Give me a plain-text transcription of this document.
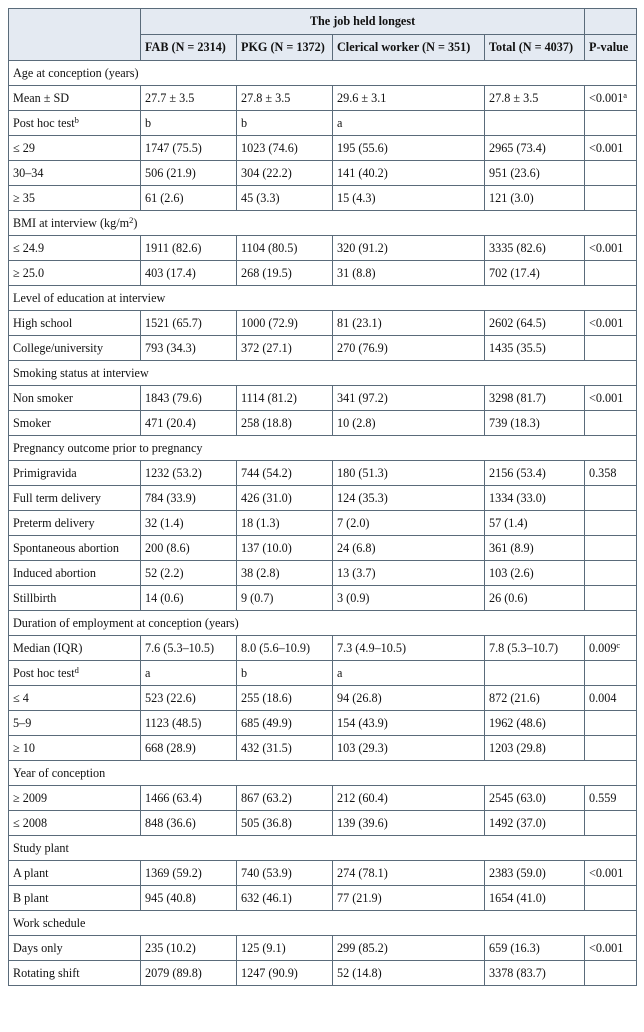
	The job held longest				
	FAB (N = 2314)	PKG (N = 1372)	Clerical worker (N = 351)	Total (N = 4037)	P-value
Age at conception (years)					
Mean ± SD	27.7 ± 3.5	27.8 ± 3.5	29.6 ± 3.1	27.8 ± 3.5	<0.001$^a$
Post hoc test$^b$	b	b	a		
≤ 29	1747 (75.5)	1023 (74.6)	195 (55.6)	2965 (73.4)	<0.001
30–34	506 (21.9)	304 (22.2)	141 (40.2)	951 (23.6)	
≥ 35	61 (2.6)	45 (3.3)	15 (4.3)	121 (3.0)	
BMI at interview $(kg/m^2)$					
≤ 24.9	1911 (82.6)	1104 (80.5)	320 (91.2)	3335 (82.6)	<0.001
≥ 25.0	403 (17.4)	268 (19.5)	31 (8.8)	702 (17.4)	
Level of education at interview					
High school	1521 (65.7)	1000 (72.9)	81 (23.1)	2602 (64.5)	<0.001
College/university	793 (34.3)	372 (27.1)	270 (76.9)	1435 (35.5)	
Smoking status at interview					
Non smoker	1843 (79.6)	1114 (81.2)	341 (97.2)	3298 (81.7)	<0.001
Smoker	471 (20.4)	258 (18.8)	10 (2.8)	739 (18.3)	
Pregnancy outcome prior to pregnancy					
Primigravida	1232 (53.2)	744 (54.2)	180 (51.3)	2156 (53.4)	0.358
Full term delivery	784 (33.9)	426 (31.0)	124 (35.3)	1334 (33.0)	
Preterm delivery	32 (1.4)	18 (1.3)	7 (2.0)	57 (1.4)	
Spontaneous abortion	200 (8.6)	137 (10.0)	24 (6.8)	361 (8.9)	
Induced abortion	52 (2.2)	38 (2.8)	13 (3.7)	103 (2.6)	
Stillbirth	14 (0.6)	9 (0.7)	3 (0.9)	26 (0.6)	
Duration of employment at conception (years)					
Median (IQR)	7.6 (5.3–10.5)	8.0 (5.6–10.9)	7.3 (4.9–10.5)	7.8 (5.3–10.7)	0.009$^c$
Post hoc test$^d$	a	b	a		
≤ 4	523 (22.6)	255 (18.6)	94 (26.8)	872 (21.6)	0.004
5–9	1123 (48.5)	685 (49.9)	154 (43.9)	1962 (48.6)	
≥ 10	668 (28.9)	432 (31.5)	103 (29.3)	1203 (29.8)	
Year of conception					
≥ 2009	1466 (63.4)	867 (63.2)	212 (60.4)	2545 (63.0)	0.559
≤ 2008	848 (36.6)	505 (36.8)	139 (39.6)	1492 (37.0)	
Study plant					
A plant	1369 (59.2)	740 (53.9)	274 (78.1)	2383 (59.0)	<0.001
B plant	945 (40.8)	632 (46.1)	77 (21.9)	1654 (41.0)	
Work schedule					
Days only	235 (10.2)	125 (9.1)	299 (85.2)	659 (16.3)	<0.001
Rotating shift	2079 (89.8)	1247 (90.9)	52 (14.8)	3378 (83.7)	
